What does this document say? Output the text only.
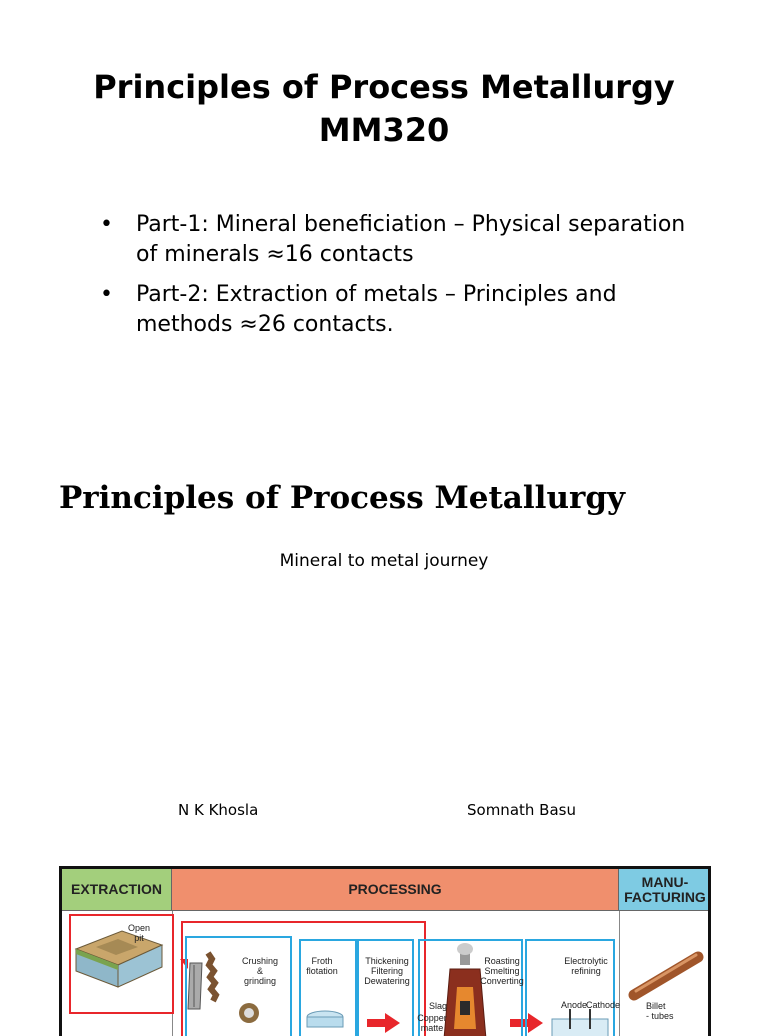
Principles of Process Metallurgy
MM320
• Part-1: Mineral beneficiation – Physical separation of minerals ≈16 contacts
• Part-2: Extraction of metals – Principles and methods ≈26 contacts.
Principles of Process Metallurgy
Mineral to metal journey
N K Khosla	Somnath Basu
EXTRACTION	PROCESSING	MANU-
FACTURING
Open
pit
Crushing
&
grinding
Froth
flotation
Thickening
Filtering
Dewatering
Roasting
Smelting
Converting
Electrolytic
refining
Slag
Copper
matte
Anode
Cathode	Billet
- tubes
